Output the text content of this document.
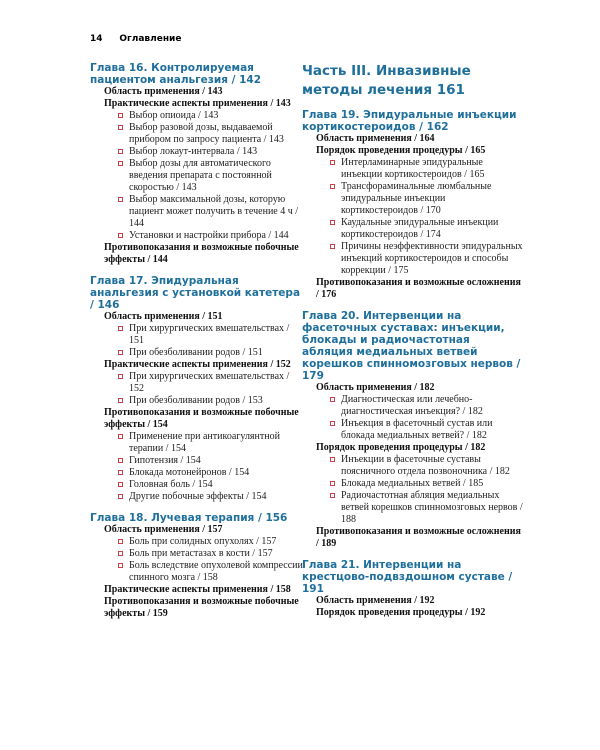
14 Оглавление
Глава 16. Контролируемая пациентом анальгезия / 142
Область применения / 143
Практические аспекты применения / 143
Выбор опиоида / 143
Выбор разовой дозы, выдаваемой прибором по запросу пациента / 143
Выбор локаут-интервала / 143
Выбор дозы для автоматического введения препарата с постоянной скоростью / 143
Выбор максимальной дозы, которую пациент может получить в течение 4 ч / 144
Установки и настройки прибора / 144
Противопоказания и возможные побочные эффекты / 144
Глава 17. Эпидуральная анальгезия с установкой катетера / 146
Область применения / 151
При хирургических вмешательствах / 151
При обезболивании родов / 151
Практические аспекты применения / 152
При хирургических вмешательствах / 152
При обезболивании родов / 153
Противопоказания и возможные побочные эффекты / 154
Применение при антикоагулянтной терапии / 154
Гипотензия / 154
Блокада мотонейронов / 154
Головная боль / 154
Другие побочные эффекты / 154
Глава 18. Лучевая терапия / 156
Область применения / 157
Боль при солидных опухолях / 157
Боль при метастазах в кости / 157
Боль вследствие опухолевой компрессии спинного мозга / 158
Практические аспекты применения / 158
Противопоказания и возможные побочные эффекты / 159
Часть III. Инвазивные методы лечения 161
Глава 19. Эпидуральные инъекции кортикостероидов / 162
Область применения / 164
Порядок проведения процедуры / 165
Интерламинарные эпидуральные инъекции кортикостероидов / 165
Трансфораминальные люмбальные эпидуральные инъекции кортикостероидов / 170
Каудальные эпидуральные инъекции кортикостероидов / 174
Причины неэффективности эпидуральных инъекций кортикостероидов и способы коррекции / 175
Противопоказания и возможные осложнения / 176
Глава 20. Интервенции на фасеточных суставах: инъекции, блокады и радиочастотная абляция медиальных ветвей корешков спинномозговых нервов / 179
Область применения / 182
Диагностическая или лечебно-диагностическая инъекция? / 182
Инъекция в фасеточный сустав или блокада медиальных ветвей? / 182
Порядок проведения процедуры / 182
Инъекции в фасеточные суставы поясничного отдела позвоночника / 182
Блокада медиальных ветвей / 185
Радиочастотная абляция медиальных ветвей корешков спинномозговых нервов / 188
Противопоказания и возможные осложнения / 189
Глава 21. Интервенции на крестцово-подвздошном суставе / 191
Область применения / 192
Порядок проведения процедуры / 192
